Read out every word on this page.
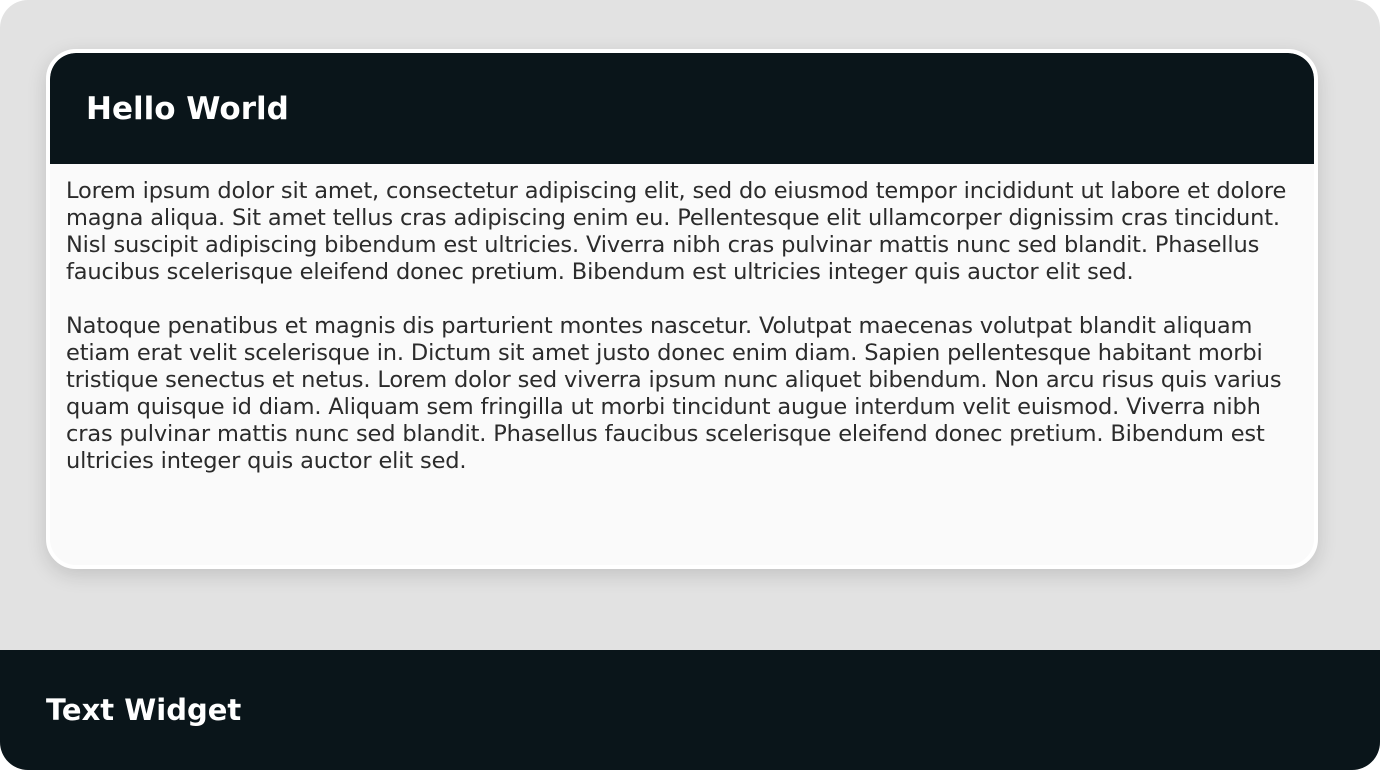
Hello World

Lorem ipsum dolor sit amet, consectetur adipiscing elit, sed do eiusmod tempor incididunt ut labore et dolore magna aliqua. Sit amet tellus cras adipiscing enim eu. Pellentesque elit ullamcorper dignissim cras tincidunt. Nisl suscipit adipiscing bibendum est ultricies. Viverra nibh cras pulvinar mattis nunc sed blandit. Phasellus faucibus scelerisque eleifend donec pretium. Bibendum est ultricies integer quis auctor elit sed.

Natoque penatibus et magnis dis parturient montes nascetur. Volutpat maecenas volutpat blandit aliquam etiam erat velit scelerisque in. Dictum sit amet justo donec enim diam. Sapien pellentesque habitant morbi tristique senectus et netus. Lorem dolor sed viverra ipsum nunc aliquet bibendum. Non arcu risus quis varius quam quisque id diam. Aliquam sem fringilla ut morbi tincidunt augue interdum velit euismod. Viverra nibh cras pulvinar mattis nunc sed blandit. Phasellus faucibus scelerisque eleifend donec pretium. Bibendum est ultricies integer quis auctor elit sed.

Text Widget
